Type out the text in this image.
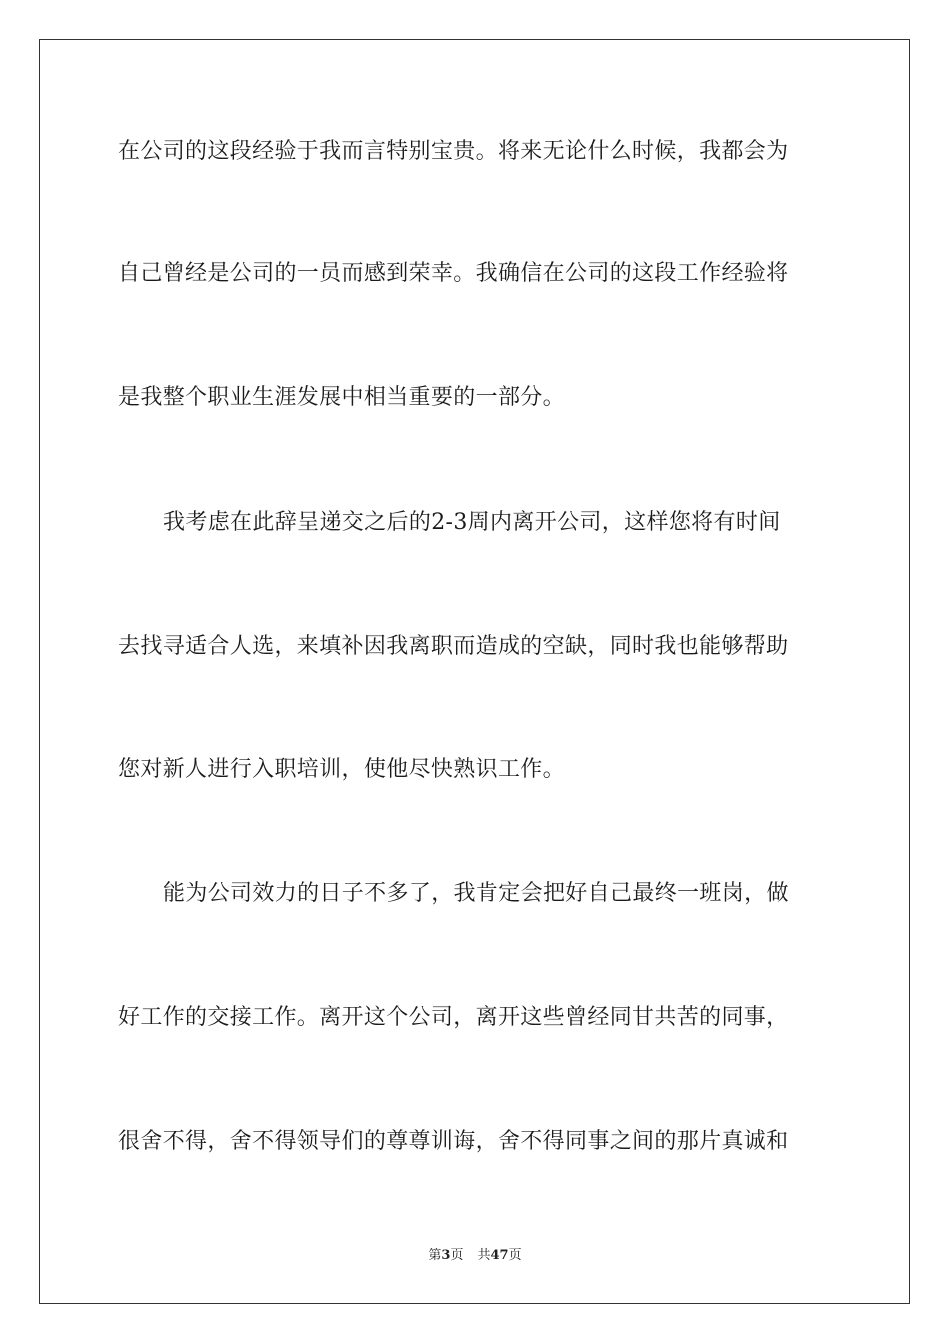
在公司的这段经验于我而言特别宝贵。将来无论什么时候，我都会为
自己曾经是公司的一员而感到荣幸。我确信在公司的这段工作经验将
是我整个职业生涯发展中相当重要的一部分。
我考虑在此辞呈递交之后的2-3周内离开公司，这样您将有时间
去找寻适合人选，来填补因我离职而造成的空缺，同时我也能够帮助
您对新人进行入职培训，使他尽快熟识工作。
能为公司效力的日子不多了，我肯定会把好自己最终一班岗，做
好工作的交接工作。离开这个公司，离开这些曾经同甘共苦的同事，
很舍不得，舍不得领导们的尊尊训诲，舍不得同事之间的那片真诚和
第3页 共47页
